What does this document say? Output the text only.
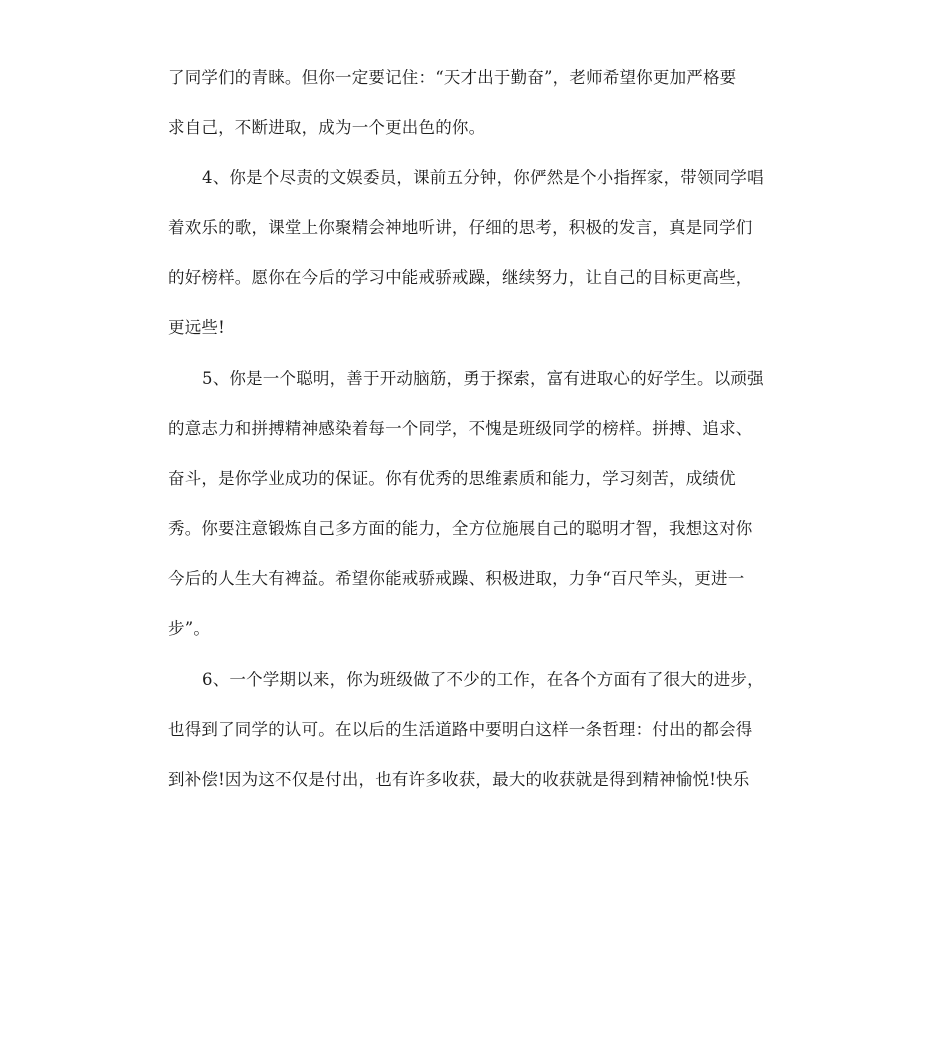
了同学们的青睐。但你一定要记住：“天才出于勤奋”，老师希望你更加严格要
求自己，不断进取，成为一个更出色的你。
4、你是个尽责的文娱委员，课前五分钟，你俨然是个小指挥家，带领同学唱
着欢乐的歌，课堂上你聚精会神地听讲，仔细的思考，积极的发言，真是同学们
的好榜样。愿你在今后的学习中能戒骄戒躁，继续努力，让自己的目标更高些，
更远些!
5、你是一个聪明，善于开动脑筋，勇于探索，富有进取心的好学生。以顽强
的意志力和拼搏精神感染着每一个同学，不愧是班级同学的榜样。拼搏、追求、
奋斗，是你学业成功的保证。你有优秀的思维素质和能力，学习刻苦，成绩优
秀。你要注意锻炼自己多方面的能力，全方位施展自己的聪明才智，我想这对你
今后的人生大有裨益。希望你能戒骄戒躁、积极进取，力争“百尺竿头，更进一
步”。
6、一个学期以来，你为班级做了不少的工作，在各个方面有了很大的进步，
也得到了同学的认可。在以后的生活道路中要明白这样一条哲理：付出的都会得
到补偿!因为这不仅是付出，也有许多收获，最大的收获就是得到精神愉悦!快乐
